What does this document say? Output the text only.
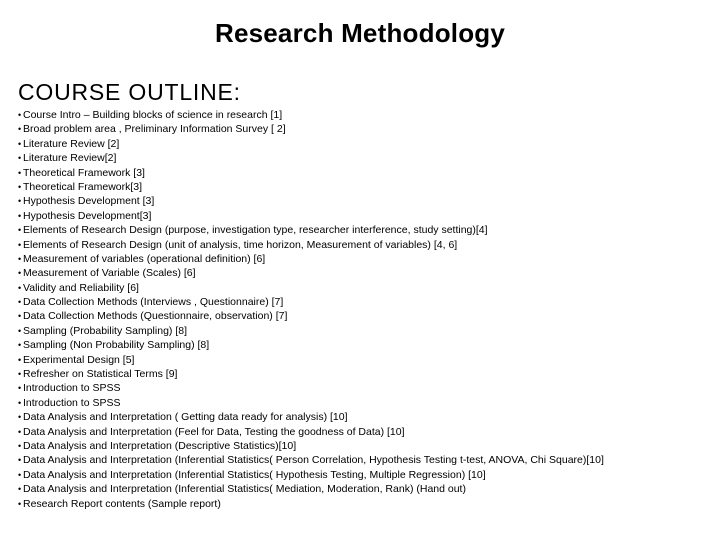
Research Methodology
COURSE OUTLINE:
• Course Intro – Building blocks of science in research [1]
• Broad problem area , Preliminary Information Survey [ 2]
• Literature Review [2]
• Literature Review[2]
• Theoretical Framework [3]
• Theoretical Framework[3]
• Hypothesis Development [3]
• Hypothesis Development[3]
• Elements of Research Design (purpose, investigation type, researcher interference, study setting)[4]
• Elements of Research Design (unit of analysis, time horizon, Measurement of variables) [4, 6]
• Measurement of variables (operational definition) [6]
• Measurement of Variable (Scales) [6]
• Validity and Reliability [6]
• Data Collection Methods (Interviews , Questionnaire) [7]
• Data Collection Methods (Questionnaire, observation) [7]
• Sampling (Probability Sampling) [8]
• Sampling (Non Probability Sampling) [8]
• Experimental Design [5]
• Refresher on Statistical Terms [9]
• Introduction to SPSS
• Introduction to SPSS
• Data Analysis and Interpretation ( Getting data ready for analysis) [10]
• Data Analysis and Interpretation (Feel for Data, Testing the goodness of Data) [10]
• Data Analysis and Interpretation (Descriptive Statistics)[10]
• Data Analysis and Interpretation (Inferential Statistics( Person Correlation, Hypothesis Testing t-test, ANOVA, Chi Square)[10]
• Data Analysis and Interpretation (Inferential Statistics( Hypothesis Testing, Multiple Regression) [10]
• Data Analysis and Interpretation (Inferential Statistics( Mediation, Moderation, Rank) (Hand out)
• Research Report contents (Sample report)
